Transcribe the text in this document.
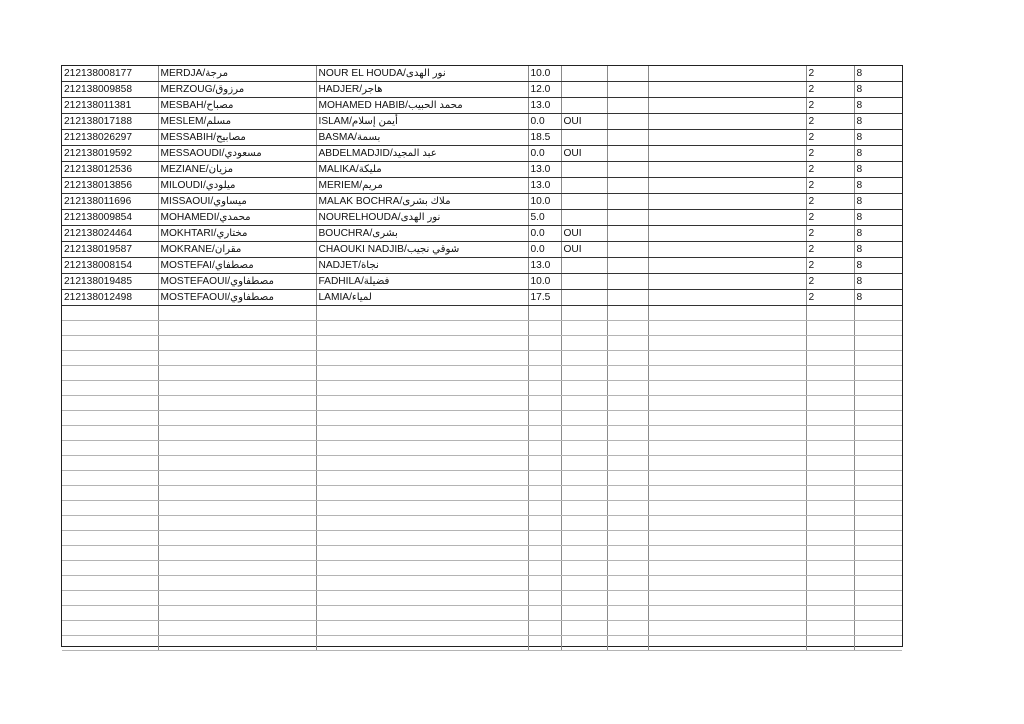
212138008177	MERDJA/مرجة	NOUR EL HOUDA/نور الهدى	10.0				2	8
212138009858	MERZOUG/مرزوق	HADJER/هاجر	12.0				2	8
212138011381	MESBAH/مصباح	MOHAMED HABIB/محمد الحبيب	13.0				2	8
212138017188	MESLEM/مسلم	ISLAM/أيمن إسلام	0.0	OUI			2	8
212138026297	MESSABIH/مصابيح	BASMA/بسمة	18.5				2	8
212138019592	MESSAOUDI/مسعودي	ABDELMADJID/عبد المجيد	0.0	OUI			2	8
212138012536	MEZIANE/مزيان	MALIKA/مليكة	13.0				2	8
212138013856	MILOUDI/ميلودي	MERIEM/مريم	13.0				2	8
212138011696	MISSAOUI/ميساوي	MALAK BOCHRA/ملاك بشرى	10.0				2	8
212138009854	MOHAMEDI/محمدي	NOURELHOUDA/نور الهدى	5.0				2	8
212138024464	MOKHTARI/مختاري	BOUCHRA/بشرى	0.0	OUI			2	8
212138019587	MOKRANE/مقران	CHAOUKI NADJIB/شوقي نجيب	0.0	OUI			2	8
212138008154	MOSTEFAI/مصطفاي	NADJET/نجاة	13.0				2	8
212138019485	MOSTEFAOUI/مصطفاوي	FADHILA/فضيلة	10.0				2	8
212138012498	MOSTEFAOUI/مصطفاوي	LAMIA/لمياء	17.5				2	8
